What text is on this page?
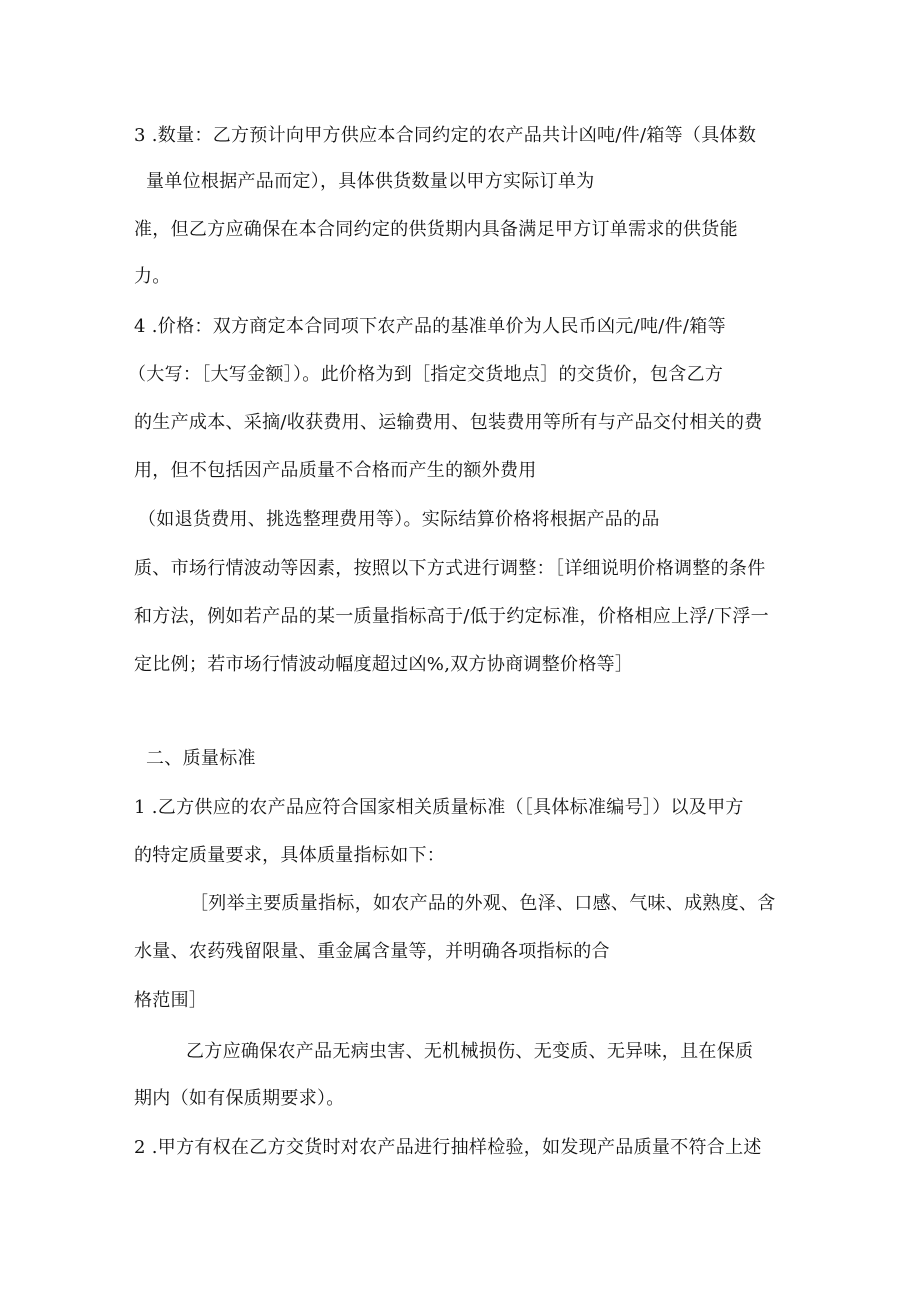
3 .数量：乙方预计向甲方供应本合同约定的农产品共计凶吨/件/箱等（具体数
量单位根据产品而定），具体供货数量以甲方实际订单为
准，但乙方应确保在本合同约定的供货期内具备满足甲方订单需求的供货能
力。
4 .价格：双方商定本合同项下农产品的基准单价为人民币凶元/吨/件/箱等
（大写：［大写金额］）。此价格为到［指定交货地点］的交货价，包含乙方
的生产成本、采摘/收获费用、运输费用、包装费用等所有与产品交付相关的费
用，但不包括因产品质量不合格而产生的额外费用
（如退货费用、挑选整理费用等）。实际结算价格将根据产品的品
质、市场行情波动等因素，按照以下方式进行调整：［详细说明价格调整的条件
和方法，例如若产品的某一质量指标高于/低于约定标准，价格相应上浮/下浮一
定比例；若市场行情波动幅度超过凶%,双方协商调整价格等］
二、质量标准
1 .乙方供应的农产品应符合国家相关质量标准（［具体标准编号］）以及甲方
的特定质量要求，具体质量指标如下：
［列举主要质量指标，如农产品的外观、色泽、口感、气味、成熟度、含
水量、农药残留限量、重金属含量等，并明确各项指标的合
格范围］
乙方应确保农产品无病虫害、无机械损伤、无变质、无异味，且在保质
期内（如有保质期要求）。
2 .甲方有权在乙方交货时对农产品进行抽样检验，如发现产品质量不符合上述
